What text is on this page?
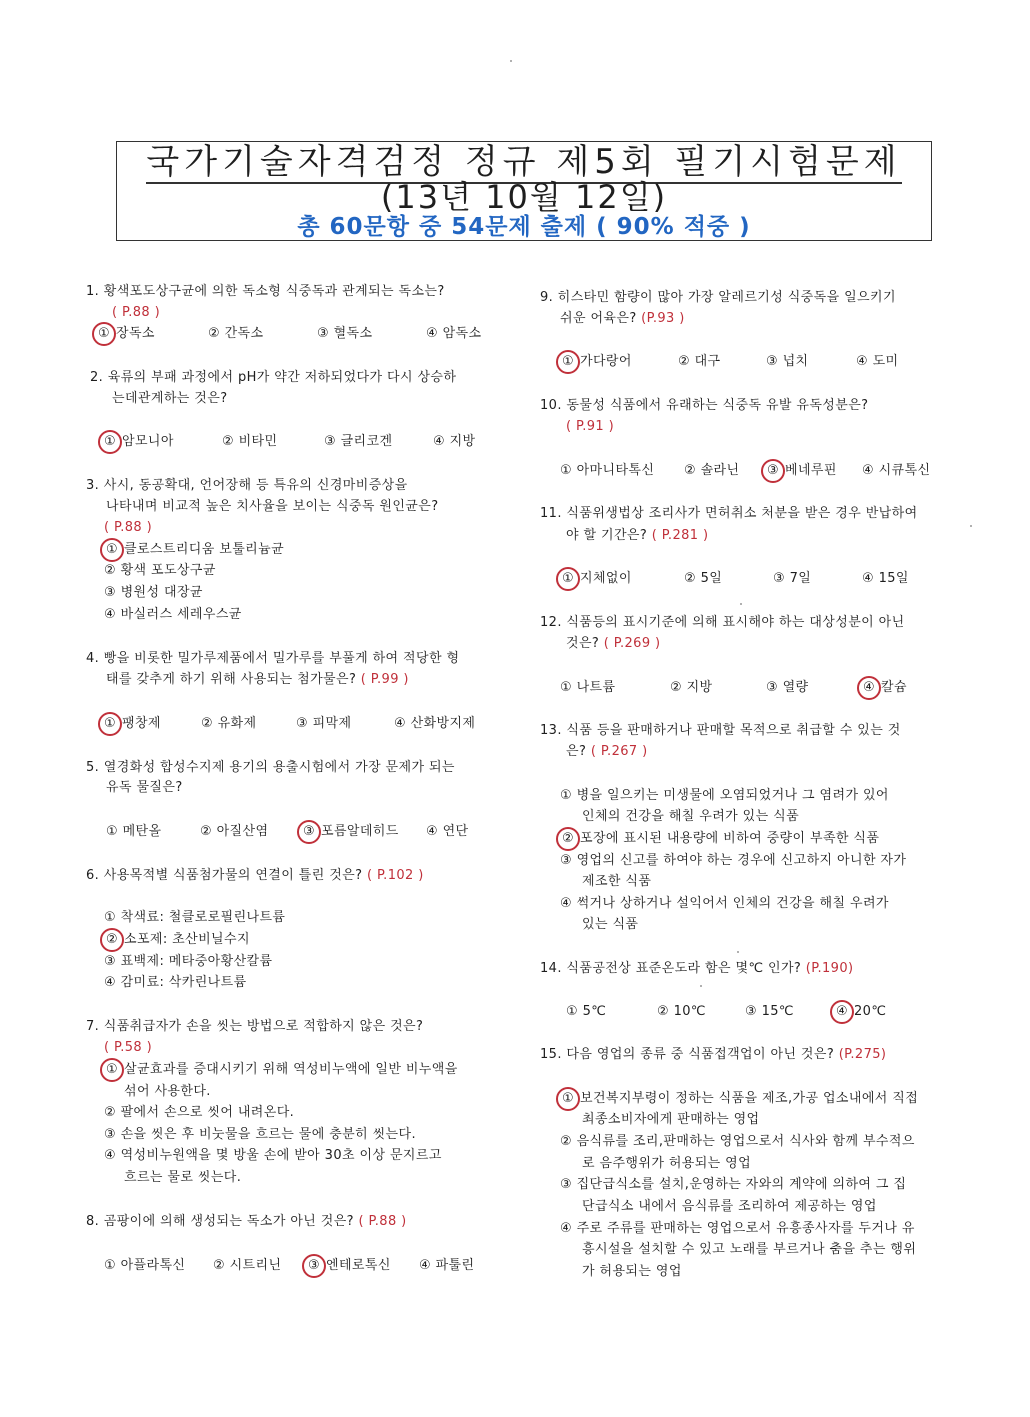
국가기술자격검정 정규 제5회 필기시험문제
(13년 10월 12일)
총 60문항 중 54문제 출제 ( 90% 적중 )
1. 황색포도상구균에 의한 독소형 식중독과 관계되는 독소는?
( P.88 )
① 장독소	② 간독소	③ 혈독소	④ 암독소
2. 육류의 부패 과정에서 pH가 약간 저하되었다가 다시 상승하
는데관계하는 것은?
① 암모니아	② 비타민	③ 글리코겐	④ 지방
3. 사시, 동공확대, 언어장해 등 특유의 신경마비증상을
나타내며 비교적 높은 치사율을 보이는 식중독 원인균은?
( P.88 )
① 클로스트리디움 보툴리늄균
② 황색 포도상구균
③ 병원성 대장균
④ 바실러스 세레우스균
4. 빵을 비롯한 밀가루제품에서 밀가루를 부풀게 하여 적당한 형
태를 갖추게 하기 위해 사용되는 첨가물은? ( P.99 )
① 팽창제	② 유화제	③ 피막제	④ 산화방지제
5. 열경화성 합성수지제 용기의 용출시험에서 가장 문제가 되는
유독 물질은?
① 메탄올	② 아질산염	③ 포름알데히드 ④ 연단
6. 사용목적별 식품첨가물의 연결이 틀린 것은? ( P.102 )
① 착색료: 철클로로필린나트륨
② 소포제: 초산비닐수지
③ 표백제: 메타중아황산칼륨
④ 감미료: 삭카린나트륨
7. 식품취급자가 손을 씻는 방법으로 적합하지 않은 것은?
( P.58 )
① 살균효과를 증대시키기 위해 역성비누액에 일반 비누액을
섞어 사용한다.
② 팔에서 손으로 씻어 내려온다.
③ 손을 씻은 후 비눗물을 흐르는 물에 충분히 씻는다.
④ 역성비누원액을 몇 방울 손에 받아 30초 이상 문지르고
흐르는 물로 씻는다.
8. 곰팡이에 의해 생성되는 독소가 아닌 것은? ( P.88 )
① 아플라톡신 ② 시트리닌 ③ 엔테로톡신 ④ 파툴린
9. 히스타민 함량이 많아 가장 알레르기성 식중독을 일으키기
쉬운 어육은? (P.93 )
① 가다랑어	② 대구	③ 넙치	④ 도미
10. 동물성 식품에서 유래하는 식중독 유발 유독성분은?
( P.91 )
① 아마니타톡신 ② 솔라닌 ③ 베네루핀 ④ 시큐톡신
11. 식품위생법상 조리사가 면허취소 처분을 받은 경우 반납하여
야 할 기간은? ( P.281 )
① 지체없이	② 5일	③ 7일	④ 15일
12. 식품등의 표시기준에 의해 표시해야 하는 대상성분이 아닌
것은? ( P.269 )
① 나트륨	② 지방	③ 열량	④ 칼슘
13. 식품 등을 판매하거나 판매할 목적으로 취급할 수 있는 것
은? ( P.267 )
① 병을 일으키는 미생물에 오염되었거나 그 염려가 있어
인체의 건강을 해칠 우려가 있는 식품
② 포장에 표시된 내용량에 비하여 중량이 부족한 식품
③ 영업의 신고를 하여야 하는 경우에 신고하지 아니한 자가
제조한 식품
④ 썩거나 상하거나 설익어서 인체의 건강을 해칠 우려가
있는 식품
14. 식품공전상 표준온도라 함은 몇℃ 인가? (P.190)
① 5℃	② 10℃	③ 15℃	④ 20℃
15. 다음 영업의 종류 중 식품접객업이 아닌 것은? (P.275)
① 보건복지부령이 정하는 식품을 제조,가공 업소내에서 직접
최종소비자에게 판매하는 영업
② 음식류를 조리,판매하는 영업으로서 식사와 함께 부수적으
로 음주행위가 허용되는 영업
③ 집단급식소를 설치,운영하는 자와의 계약에 의하여 그 집
단급식소 내에서 음식류를 조리하여 제공하는 영업
④ 주로 주류를 판매하는 영업으로서 유흥종사자를 두거나 유
흥시설을 설치할 수 있고 노래를 부르거나 춤을 추는 행위
가 허용되는 영업
